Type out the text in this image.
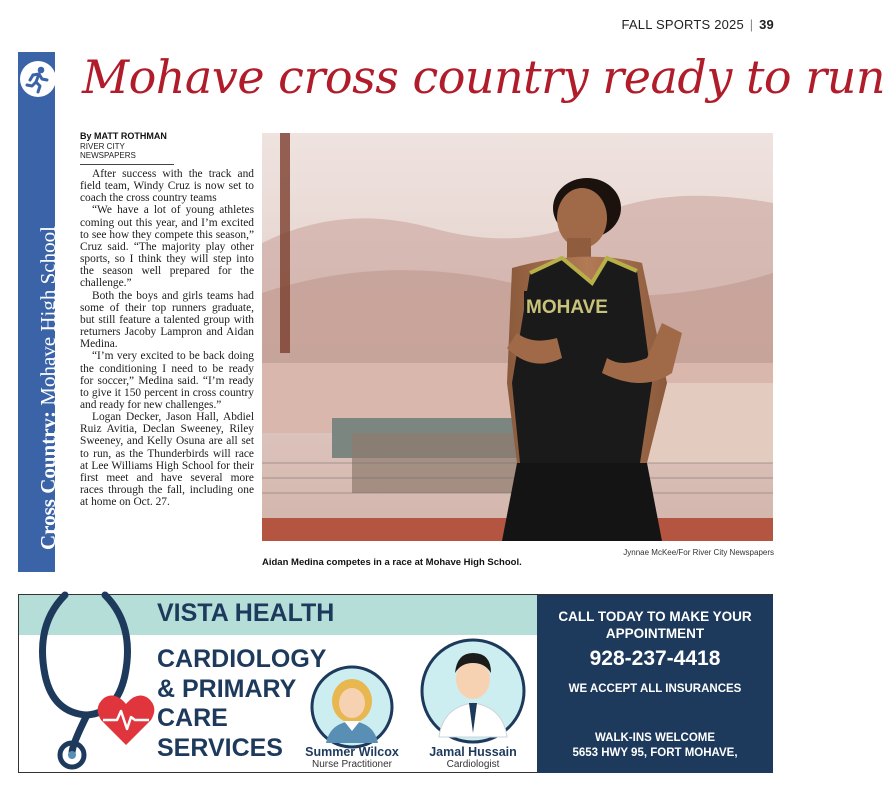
FALL SPORTS 2025 | 39
Cross Country: Mohave High School
Mohave cross country ready to run
By MATT ROTHMAN
RIVER CITY NEWSPAPERS

After success with the track and field team, Windy Cruz is now set to coach the cross country teams

“We have a lot of young athletes coming out this year, and I’m excited to see how they compete this season,” Cruz said. “The majority play other sports, so I think they will step into the season well prepared for the challenge.”

Both the boys and girls teams had some of their top runners graduate, but still feature a talented group with returners Jacoby Lampron and Aidan Medina.

“I’m very excited to be back doing the conditioning I need to be ready for soccer,” Medina said. “I’m ready to give it 150 percent in cross country and ready for new challenges.”

Logan Decker, Jason Hall, Abdiel Ruiz Avitia, Declan Sweeney, Riley Sweeney, and Kelly Osuna are all set to run, as the Thunderbirds will race at Lee Williams High School for their first meet and have several more races through the fall, including one at home on Oct. 27.

MOHAVE
Jynnae McKee/For River City Newspapers
Aidan Medina competes in a race at Mohave High School.
VISTA HEALTH
CARDIOLOGY
& PRIMARY
CARE
SERVICES	Summer Wilcox
Nurse Practitioner
Jamal Hussain
Cardiologist
CALL TODAY TO MAKE YOUR APPOINTMENT
928-237-4418
WE ACCEPT ALL INSURANCES
WALK-INS WELCOME
5653 HWY 95, FORT MOHAVE,
